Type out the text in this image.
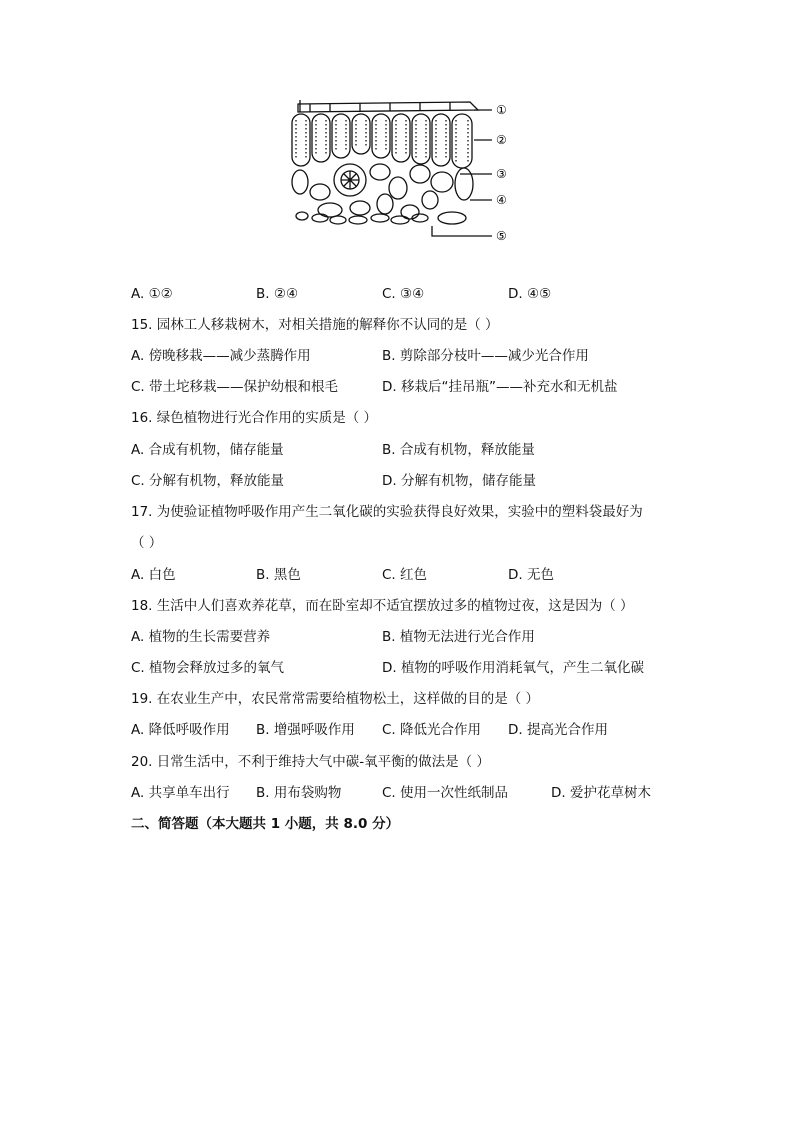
①
②
③
④
⑤
A. ①②	B. ②④	C. ③④	D. ④⑤
15. 园林工人移栽树木，对相关措施的解释你不认同的是（ ）
A. 傍晚移栽——减少蒸腾作用	B. 剪除部分枝叶——减少光合作用
C. 带土坨移栽——保护幼根和根毛	D. 移栽后“挂吊瓶”——补充水和无机盐
16. 绿色植物进行光合作用的实质是（ ）
A. 合成有机物，储存能量	B. 合成有机物，释放能量
C. 分解有机物，释放能量	D. 分解有机物，储存能量
17. 为使验证植物呼吸作用产生二氧化碳的实验获得良好效果，实验中的塑料袋最好为
（ ）
A. 白色	B. 黑色	C. 红色	D. 无色
18. 生活中人们喜欢养花草，而在卧室却不适宜摆放过多的植物过夜，这是因为（ ）
A. 植物的生长需要营养	B. 植物无法进行光合作用
C. 植物会释放过多的氧气	D. 植物的呼吸作用消耗氧气，产生二氧化碳
19. 在农业生产中，农民常常需要给植物松土，这样做的目的是（ ）
A. 降低呼吸作用 B. 增强呼吸作用 C. 降低光合作用 D. 提高光合作用
20. 日常生活中，不利于维持大气中碳-氧平衡的做法是（ ）
A. 共享单车出行 B. 用布袋购物	C. 使用一次性纸制品	D. 爱护花草树木
二、简答题（本大题共 1 小题，共 8.0 分）
